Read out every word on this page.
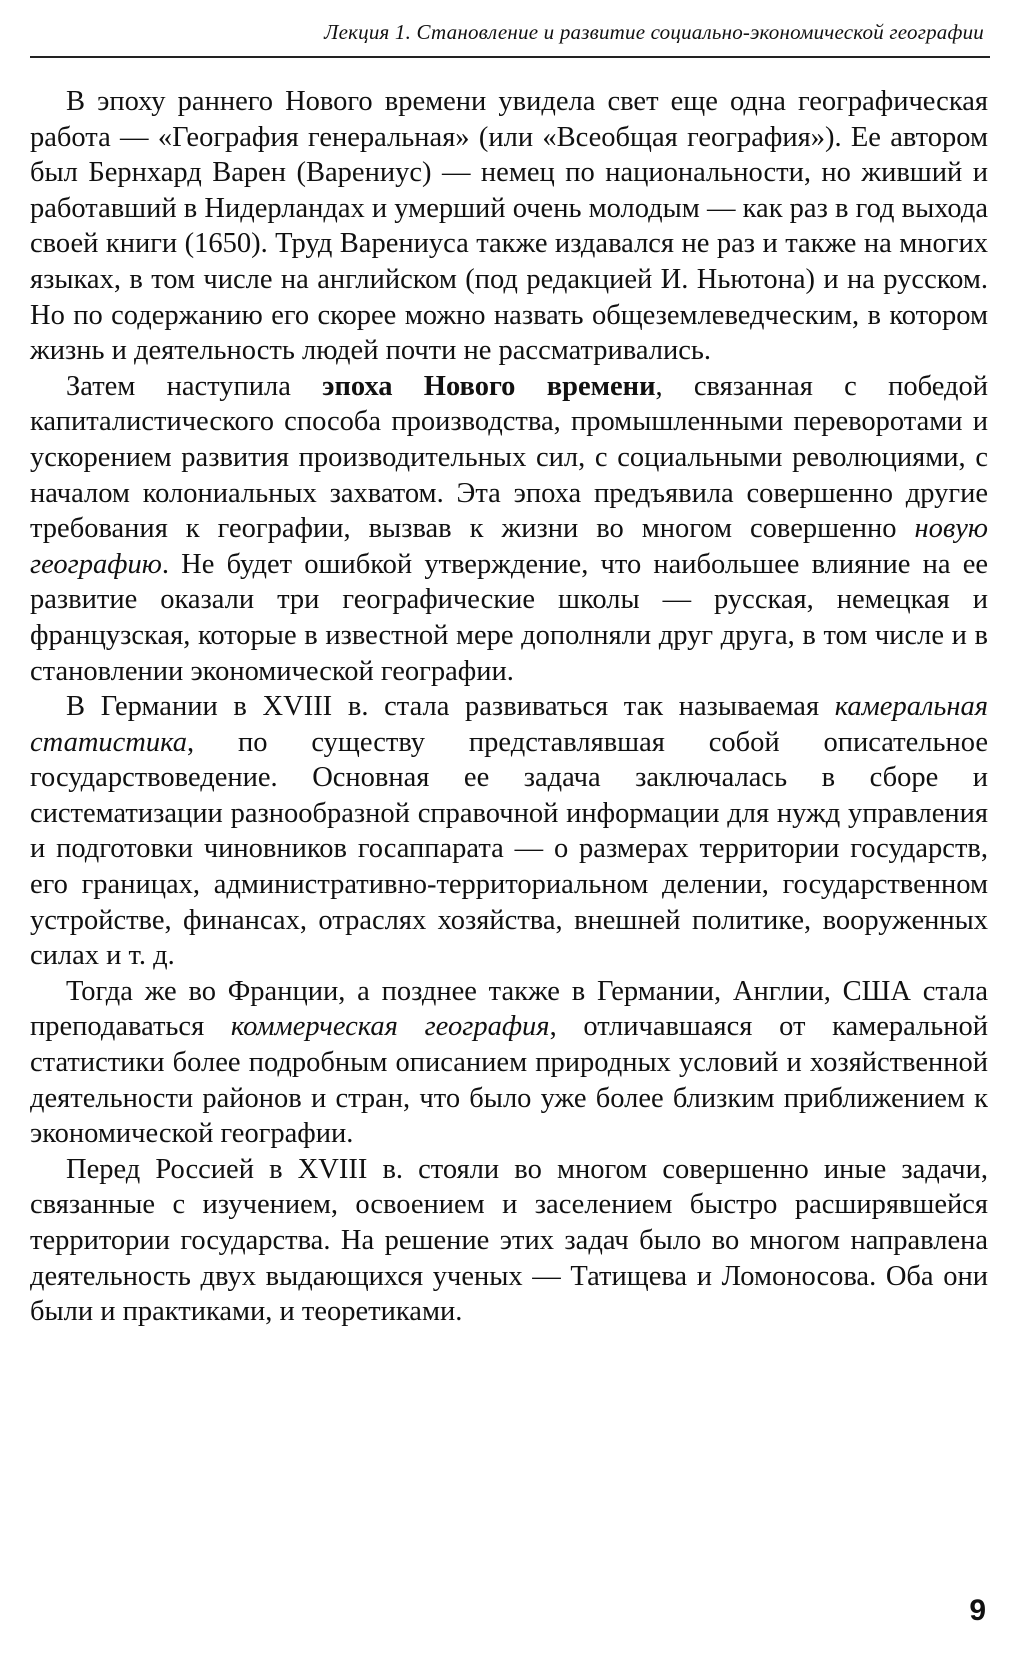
Лекция 1. Становление и развитие социально-экономической географии

В эпоху раннего Нового времени увидела свет еще одна географическая работа — «География генеральная» (или «Всеобщая география»). Ее автором был Бернхард Варен (Варениус) — немец по национальности, но живший и работавший в Нидерландах и умерший очень молодым — как раз в год выхода своей книги (1650). Труд Варениуса также издавался не раз и также на многих языках, в том числе на английском (под редакцией И. Ньютона) и на русском. Но по содержанию его скорее можно назвать общеземлеведческим, в котором жизнь и деятельность людей почти не рассматривались.

Затем наступила эпоха Нового времени, связанная с победой капиталистического способа производства, промышленными переворотами и ускорением развития производительных сил, с социальными революциями, с началом колониальных захватом. Эта эпоха предъявила совершенно другие требования к географии, вызвав к жизни во многом совершенно новую географию. Не будет ошибкой утверждение, что наибольшее влияние на ее развитие оказали три географические школы — русская, немецкая и французская, которые в известной мере дополняли друг друга, в том числе и в становлении экономической географии.

В Германии в XVIII в. стала развиваться так называемая камеральная статистика, по существу представлявшая собой описательное государствоведение. Основная ее задача заключалась в сборе и систематизации разнообразной справочной информации для нужд управления и подготовки чиновников госаппарата — о размерах территории государств, его границах, административно-территориальном делении, государственном устройстве, финансах, отраслях хозяйства, внешней политике, вооруженных силах и т. д.

Тогда же во Франции, а позднее также в Германии, Англии, США стала преподаваться коммерческая география, отличавшаяся от камеральной статистики более подробным описанием природных условий и хозяйственной деятельности районов и стран, что было уже более близким приближением к экономической географии.

Перед Россией в XVIII в. стояли во многом совершенно иные задачи, связанные с изучением, освоением и заселением быстро расширявшейся территории государства. На решение этих задач было во многом направлена деятельность двух выдающихся ученых — Татищева и Ломоносова. Оба они были и практиками, и теоретиками.

9
